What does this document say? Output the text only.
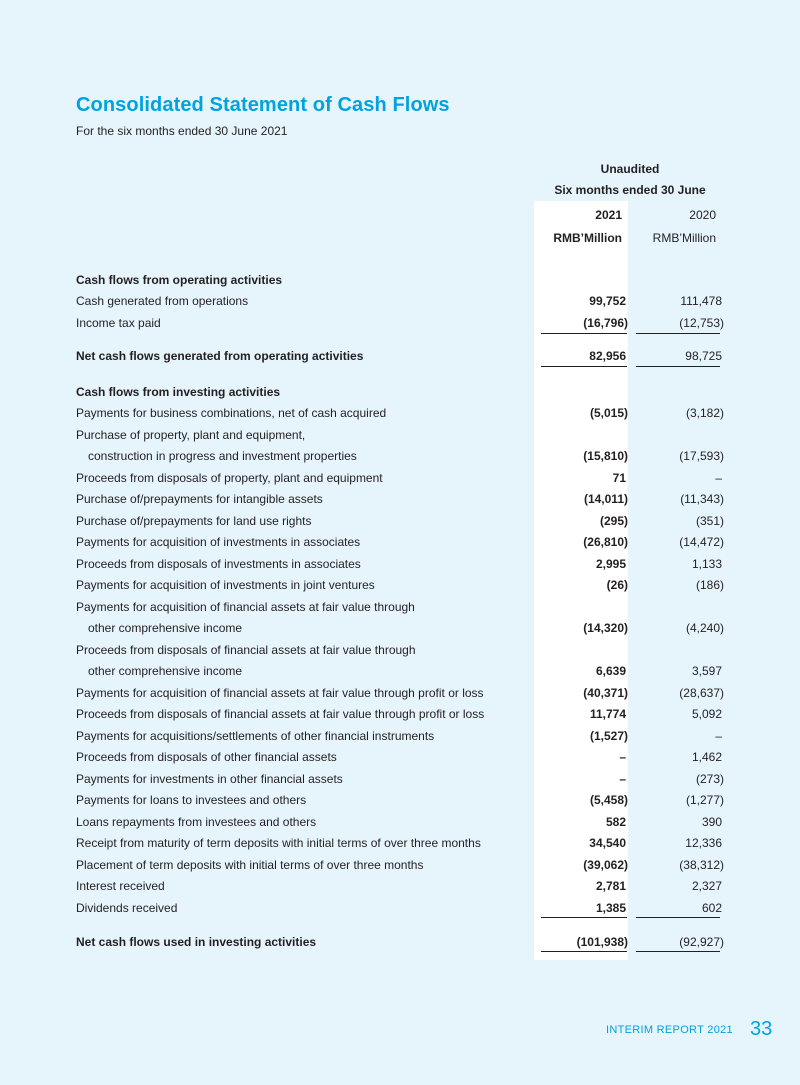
Consolidated Statement of Cash Flows
For the six months ended 30 June 2021
Unaudited
Six months ended 30 June
2021	2020
RMB’Million	RMB’Million
Cash flows from operating activities
Cash generated from operations	99,752	111,478
Income tax paid	(16,796)	(12,753)
Net cash flows generated from operating activities	82,956	98,725
Cash flows from investing activities
Payments for business combinations, net of cash acquired	(5,015)	(3,182)
Purchase of property, plant and equipment,
construction in progress and investment properties	(15,810)	(17,593)
Proceeds from disposals of property, plant and equipment	71	–
Purchase of/prepayments for intangible assets	(14,011)	(11,343)
Purchase of/prepayments for land use rights	(295)	(351)
Payments for acquisition of investments in associates	(26,810)	(14,472)
Proceeds from disposals of investments in associates	2,995	1,133
Payments for acquisition of investments in joint ventures	(26)	(186)
Payments for acquisition of financial assets at fair value through
other comprehensive income	(14,320)	(4,240)
Proceeds from disposals of financial assets at fair value through
other comprehensive income	6,639	3,597
Payments for acquisition of financial assets at fair value through profit or loss	(40,371)	(28,637)
Proceeds from disposals of financial assets at fair value through profit or loss	11,774	5,092
Payments for acquisitions/settlements of other financial instruments	(1,527)	–
Proceeds from disposals of other financial assets	–	1,462
Payments for investments in other financial assets	–	(273)
Payments for loans to investees and others	(5,458)	(1,277)
Loans repayments from investees and others	582	390
Receipt from maturity of term deposits with initial terms of over three months	34,540	12,336
Placement of term deposits with initial terms of over three months	(39,062)	(38,312)
Interest received	2,781	2,327
Dividends received	1,385	602
Net cash flows used in investing activities	(101,938)	(92,927)
INTERIM REPORT 2021 33
